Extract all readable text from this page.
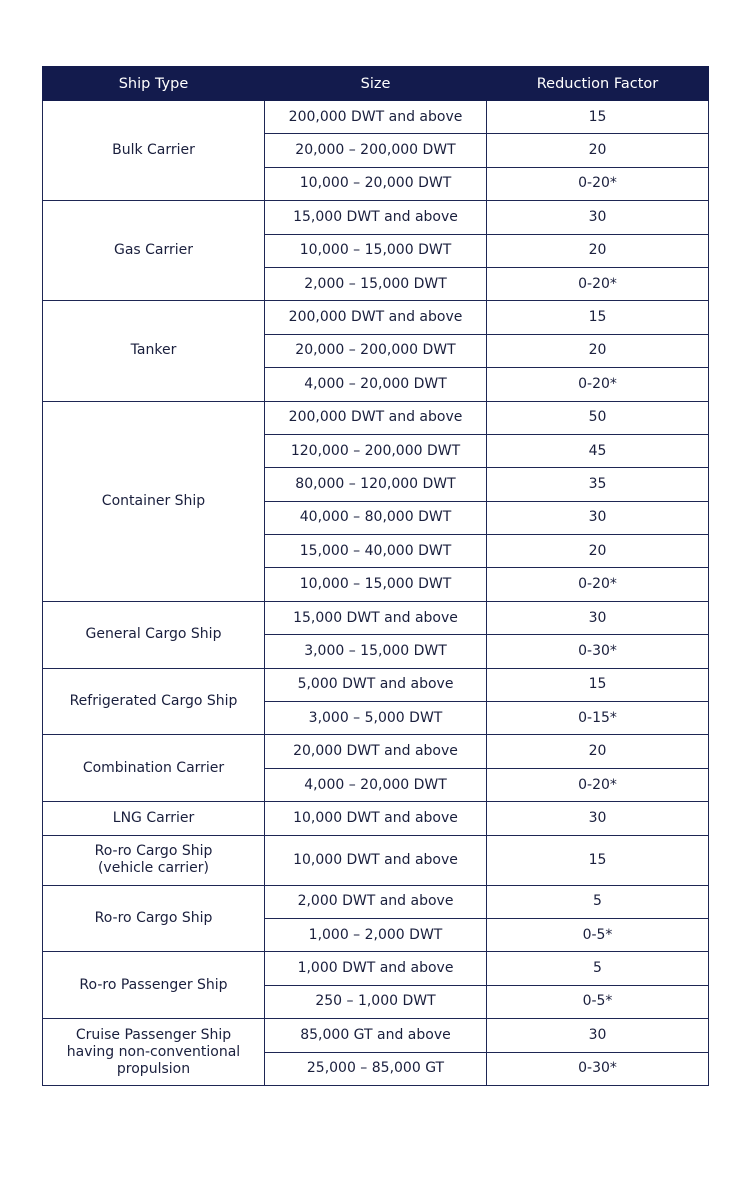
Ship Type	Size	Reduction Factor
Bulk Carrier	200,000 DWT and above	15
	20,000 – 200,000 DWT	20
	10,000 – 20,000 DWT	0-20*
Gas Carrier	15,000 DWT and above	30
	10,000 – 15,000 DWT	20
	2,000 – 15,000 DWT	0-20*
Tanker	200,000 DWT and above	15
	20,000 – 200,000 DWT	20
	4,000 – 20,000 DWT	0-20*
Container Ship	200,000 DWT and above	50
	120,000 – 200,000 DWT	45
	80,000 – 120,000 DWT	35
	40,000 – 80,000 DWT	30
	15,000 – 40,000 DWT	20
	10,000 – 15,000 DWT	0-20*
General Cargo Ship	15,000 DWT and above	30
	3,000 – 15,000 DWT	0-30*
Refrigerated Cargo Ship	5,000 DWT and above	15
	3,000 – 5,000 DWT	0-15*
Combination Carrier	20,000 DWT and above	20
	4,000 – 20,000 DWT	0-20*
LNG Carrier	10,000 DWT and above	30
Ro-ro Cargo Ship
(vehicle carrier)	10,000 DWT and above	15
Ro-ro Cargo Ship	2,000 DWT and above	5
	1,000 – 2,000 DWT	0-5*
Ro-ro Passenger Ship	1,000 DWT and above	5
	250 – 1,000 DWT	0-5*
Cruise Passenger Ship
having non-conventional
propulsion	85,000 GT and above	30
	25,000 – 85,000 GT	0-30*
